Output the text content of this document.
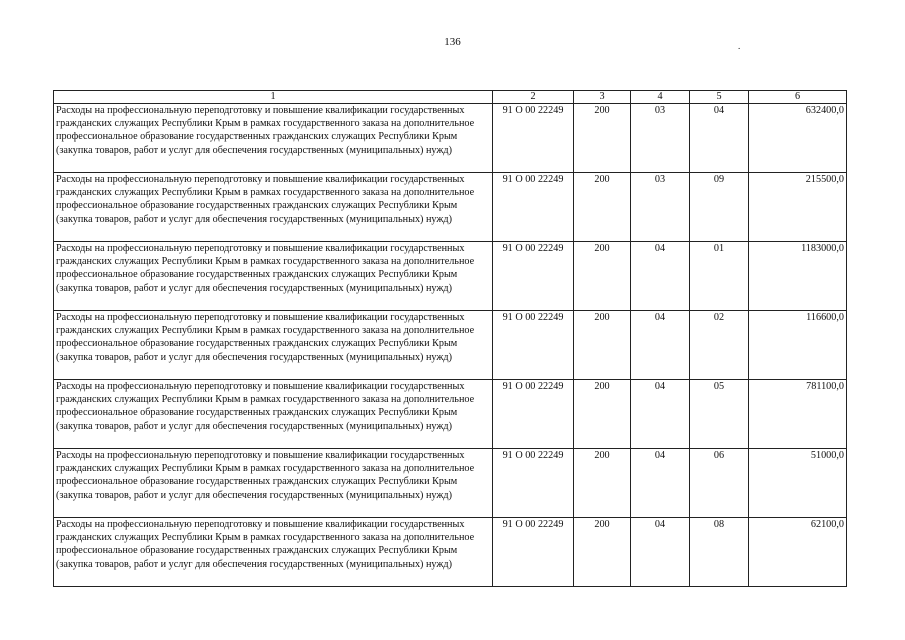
136	.
1	2	3	4	5	6
Расходы на профессиональную переподготовку и повышение квалификации государственных гражданских служащих Республики Крым в рамках государственного заказа на дополнительное профессиональное образование государственных гражданских служащих Республики Крым (закупка товаров, работ и услуг для обеспечения государственных (муниципальных) нужд)	91 О 00 22249	200	03	04	632400,0
Расходы на профессиональную переподготовку и повышение квалификации государственных гражданских служащих Республики Крым в рамках государственного заказа на дополнительное профессиональное образование государственных гражданских служащих Республики Крым (закупка товаров, работ и услуг для обеспечения государственных (муниципальных) нужд)	91 О 00 22249	200	03	09	215500,0
Расходы на профессиональную переподготовку и повышение квалификации государственных гражданских служащих Республики Крым в рамках государственного заказа на дополнительное профессиональное образование государственных гражданских служащих Республики Крым (закупка товаров, работ и услуг для обеспечения государственных (муниципальных) нужд)	91 О 00 22249	200	04	01	1183000,0
Расходы на профессиональную переподготовку и повышение квалификации государственных гражданских служащих Республики Крым в рамках государственного заказа на дополнительное профессиональное образование государственных гражданских служащих Республики Крым (закупка товаров, работ и услуг для обеспечения государственных (муниципальных) нужд)	91 О 00 22249	200	04	02	116600,0
Расходы на профессиональную переподготовку и повышение квалификации государственных гражданских служащих Республики Крым в рамках государственного заказа на дополнительное профессиональное образование государственных гражданских служащих Республики Крым (закупка товаров, работ и услуг для обеспечения государственных (муниципальных) нужд)	91 О 00 22249	200	04	05	781100,0
Расходы на профессиональную переподготовку и повышение квалификации государственных гражданских служащих Республики Крым в рамках государственного заказа на дополнительное профессиональное образование государственных гражданских служащих Республики Крым (закупка товаров, работ и услуг для обеспечения государственных (муниципальных) нужд)	91 О 00 22249	200	04	06	51000,0
Расходы на профессиональную переподготовку и повышение квалификации государственных гражданских служащих Республики Крым в рамках государственного заказа на дополнительное профессиональное образование государственных гражданских служащих Республики Крым (закупка товаров, работ и услуг для обеспечения государственных (муниципальных) нужд)	91 О 00 22249	200	04	08	62100,0
